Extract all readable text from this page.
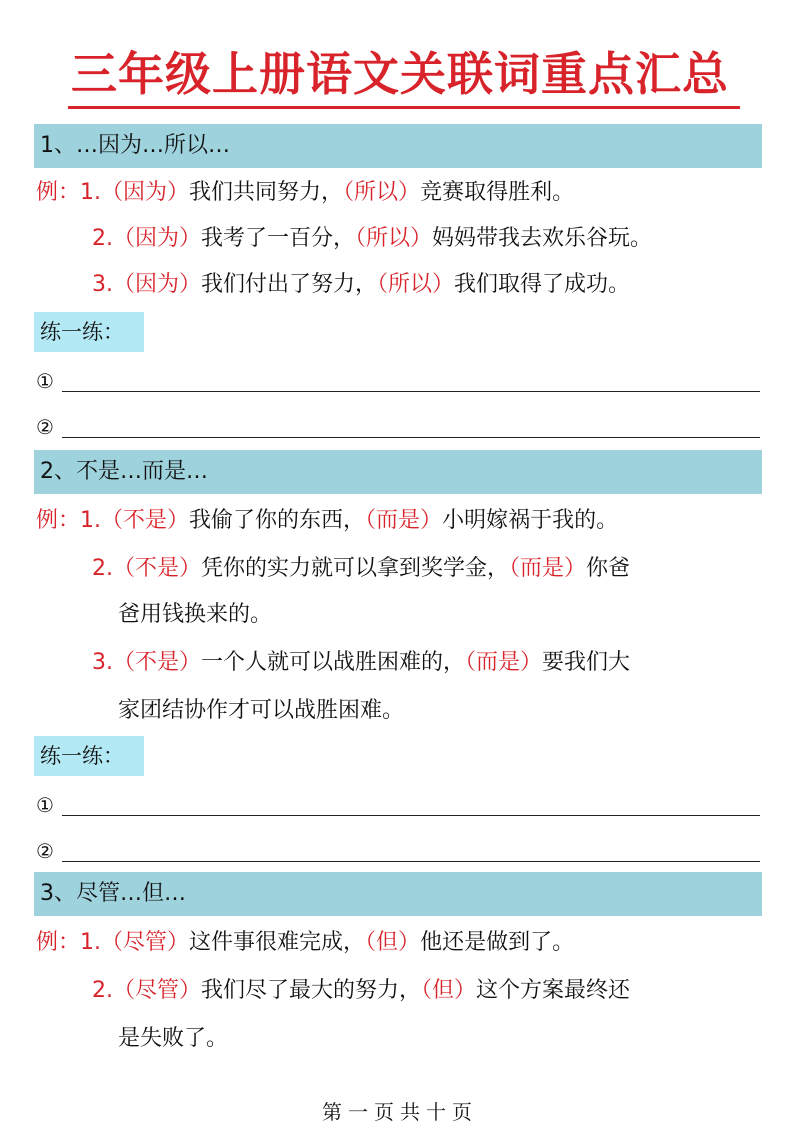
三年级上册语文关联词重点汇总
1、…因为…所以…
例：1.（因为）我们共同努力，（所以）竞赛取得胜利。
2.（因为）我考了一百分，（所以）妈妈带我去欢乐谷玩。
3.（因为）我们付出了努力，（所以）我们取得了成功。
练一练：
①
②
2、不是…而是…
例：1.（不是）我偷了你的东西，（而是）小明嫁祸于我的。
2.（不是）凭你的实力就可以拿到奖学金，（而是）你爸
爸用钱换来的。
3.（不是）一个人就可以战胜困难的，（而是）要我们大
家团结协作才可以战胜困难。
练一练：
①
②
3、尽管…但…
例：1.（尽管）这件事很难完成，（但）他还是做到了。
2.（尽管）我们尽了最大的努力，（但）这个方案最终还
是失败了。
第一页共十页
